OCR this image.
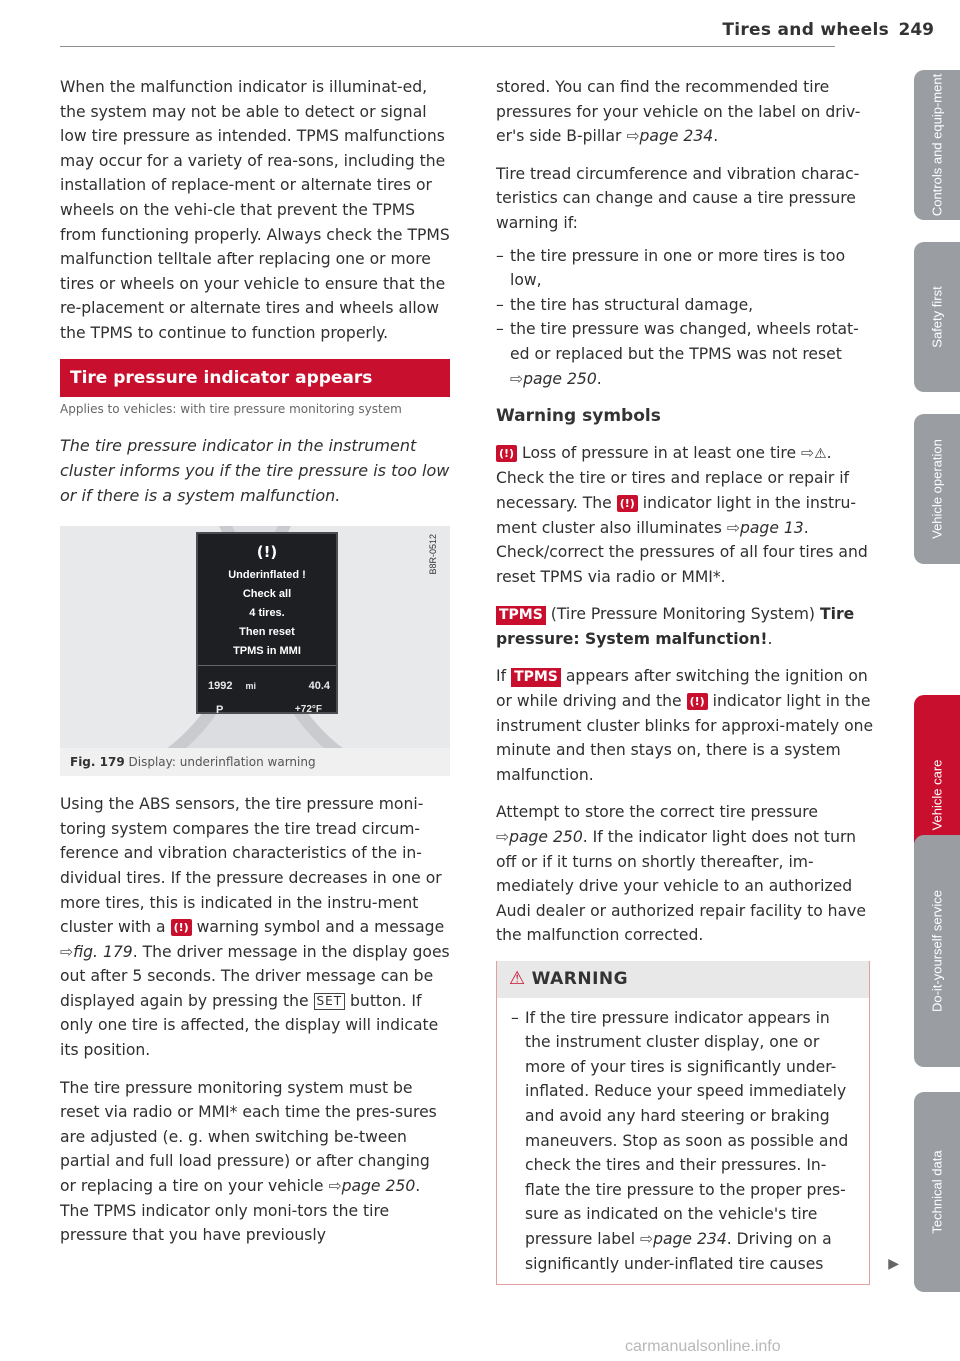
Tires and wheels 249

When the malfunction indicator is illuminat-ed, the system may not be able to detect or signal low tire pressure as intended. TPMS malfunctions may occur for a variety of rea-sons, including the installation of replace-ment or alternate tires or wheels on the vehi-cle that prevent the TPMS from functioning properly. Always check the TPMS malfunction telltale after replacing one or more tires or wheels on your vehicle to ensure that the re-placement or alternate tires and wheels allow the TPMS to continue to function properly.

Tire pressure indicator appears
Applies to vehicles: with tire pressure monitoring system

The tire pressure indicator in the instrument cluster informs you if the tire pressure is too low or if there is a system malfunction.

(!)
Underinflated !
Check all
4 tires.
Then reset
TPMS in MMI
1992 mi	40.4
P	+72°F
B8R-0512
Fig. 179 Display: underinflation warning

Using the ABS sensors, the tire pressure moni-toring system compares the tire tread circum-ference and vibration characteristics of the in-dividual tires. If the pressure decreases in one or more tires, this is indicated in the instru-ment cluster with a (!) warning symbol and a message ⇨fig. 179. The driver message in the display goes out after 5 seconds. The driver message can be displayed again by pressing the SET button. If only one tire is affected, the display will indicate its position.

The tire pressure monitoring system must be reset via radio or MMI* each time the pres-sures are adjusted (e. g. when switching be-tween partial and full load pressure) or after changing or replacing a tire on your vehicle ⇨page 250. The TPMS indicator only moni-tors the tire pressure that you have previously

stored. You can find the recommended tire pressures for your vehicle on the label on driv-er's side B-pillar ⇨page 234.

Tire tread circumference and vibration charac-teristics can change and cause a tire pressure warning if:

– the tire pressure in one or more tires is too low,
– the tire has structural damage,
– the tire pressure was changed, wheels rotat-ed or replaced but the TPMS was not reset ⇨page 250.
Warning symbols

(!) Loss of pressure in at least one tire ⇨⚠. Check the tire or tires and replace or repair if necessary. The (!) indicator light in the instru-ment cluster also illuminates ⇨page 13. Check/correct the pressures of all four tires and reset TPMS via radio or MMI*.

TPMS (Tire Pressure Monitoring System) Tire pressure: System malfunction!.

If TPMS appears after switching the ignition on or while driving and the (!) indicator light in the instrument cluster blinks for approxi-mately one minute and then stays on, there is a system malfunction.

Attempt to store the correct tire pressure ⇨page 250. If the indicator light does not turn off or if it turns on shortly thereafter, im-mediately drive your vehicle to an authorized Audi dealer or authorized repair facility to have the malfunction corrected.

⚠ WARNING
– If the tire pressure indicator appears in the instrument cluster display, one or more of your tires is significantly under-inflated. Reduce your speed immediately and avoid any hard steering or braking maneuvers. Stop as soon as possible and check the tires and their pressures. In-flate the tire pressure to the proper pres-sure as indicated on the vehicle's tire pressure label ⇨page 234. Driving on a significantly under-inflated tire causes	▶
Controls and equip-ment
Safety first
Vehicle operation
Vehicle care
Do-it-yourself service
Technical data
carmanualsonline.info
